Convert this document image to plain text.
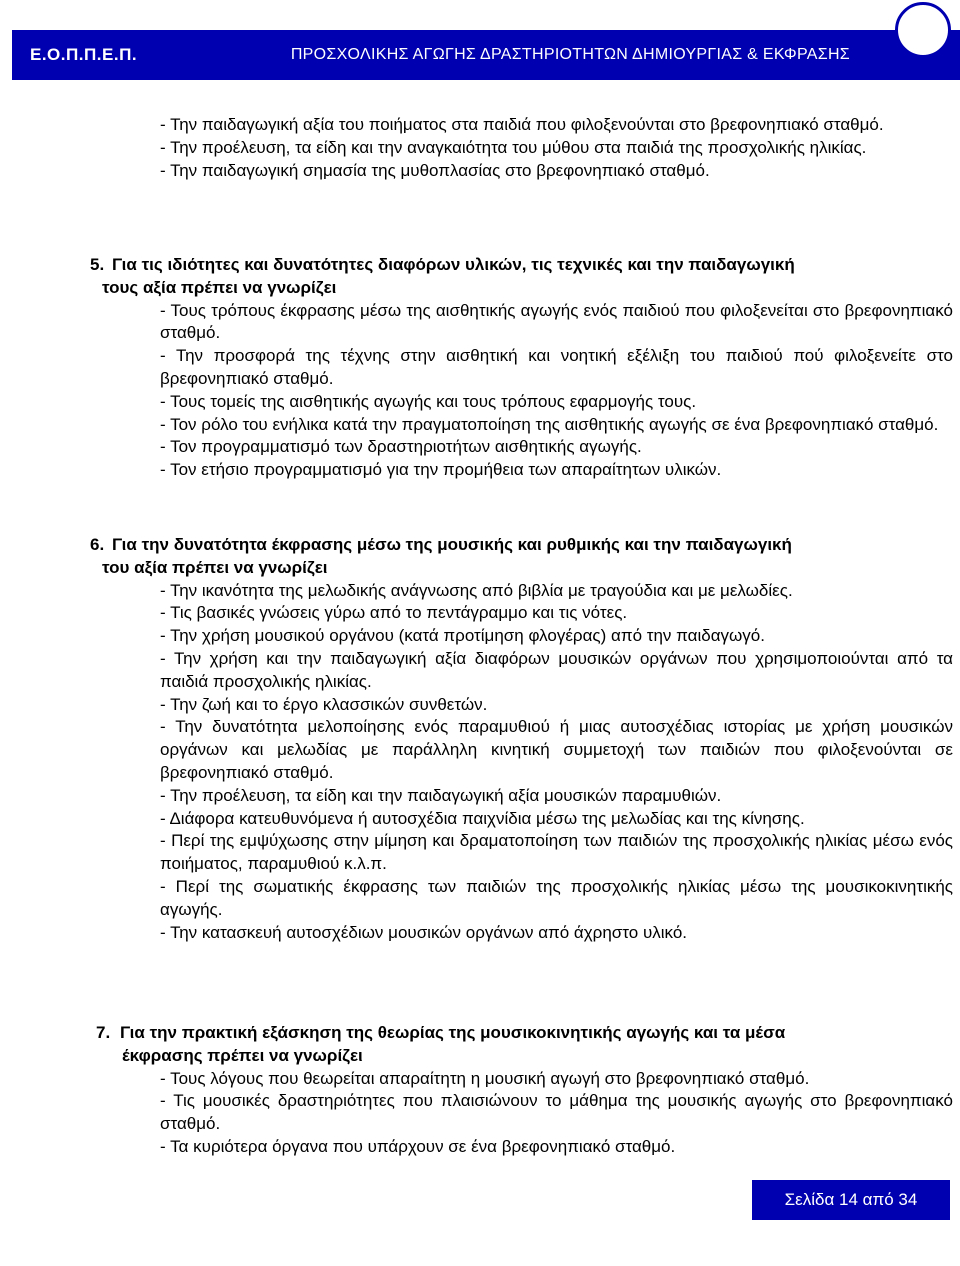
Ε.Ο.Π.Π.Ε.Π.	ΠΡΟΣΧΟΛΙΚΗΣ ΑΓΩΓΗΣ ΔΡΑΣΤΗΡΙΟΤΗΤΩΝ ΔΗΜΙΟΥΡΓΙΑΣ & ΕΚΦΡΑΣΗΣ
- Την παιδαγωγική αξία του ποιήματος στα παιδιά που φιλοξενούνται στο βρεφονηπιακό σταθμό.
- Την προέλευση, τα είδη και την αναγκαιότητα του μύθου στα παιδιά της προσχολικής ηλικίας.
- Την παιδαγωγική σημασία της μυθοπλασίας στο βρεφονηπιακό σταθμό.
5. Για τις ιδιότητες και δυνατότητες διαφόρων υλικών, τις τεχνικές και την παιδαγωγική
τους αξία πρέπει να γνωρίζει
- Τους τρόπους έκφρασης μέσω της αισθητικής αγωγής ενός παιδιού που φιλοξενείται στο βρεφονηπιακό σταθμό.
- Την προσφορά της τέχνης στην αισθητική και νοητική εξέλιξη του παιδιού πού φιλοξενείτε στο βρεφονηπιακό σταθμό.
- Τους τομείς της αισθητικής αγωγής και τους τρόπους εφαρμογής τους.
- Τον ρόλο του ενήλικα κατά την πραγματοποίηση της αισθητικής αγωγής σε ένα βρεφονηπιακό σταθμό.
- Τον προγραμματισμό των δραστηριοτήτων αισθητικής αγωγής.
- Τον ετήσιο προγραμματισμό για την προμήθεια των απαραίτητων υλικών.
6. Για την δυνατότητα έκφρασης μέσω της μουσικής και ρυθμικής και την παιδαγωγική
του αξία πρέπει να γνωρίζει
- Την ικανότητα της μελωδικής ανάγνωσης από βιβλία με τραγούδια και με μελωδίες.
- Τις βασικές γνώσεις γύρω από το πεντάγραμμο και τις νότες.
- Την χρήση μουσικού οργάνου (κατά προτίμηση φλογέρας) από την παιδαγωγό.
- Την χρήση και την παιδαγωγική αξία διαφόρων μουσικών οργάνων που χρησιμοποιούνται από τα παιδιά προσχολικής ηλικίας.
- Την ζωή και το έργο κλασσικών συνθετών.
- Την δυνατότητα μελοποίησης ενός παραμυθιού ή μιας αυτοσχέδιας ιστορίας με χρήση μουσικών οργάνων και μελωδίας με παράλληλη κινητική συμμετοχή των παιδιών που φιλοξενούνται σε βρεφονηπιακό σταθμό.
- Την προέλευση, τα είδη και την παιδαγωγική αξία μουσικών παραμυθιών.
- Διάφορα κατευθυνόμενα ή αυτοσχέδια παιχνίδια μέσω της μελωδίας και της κίνησης.
- Περί της εμψύχωσης στην μίμηση και δραματοποίηση των παιδιών της προσχολικής ηλικίας μέσω ενός ποιήματος, παραμυθιού κ.λ.π.
- Περί της σωματικής έκφρασης των παιδιών της προσχολικής ηλικίας μέσω της μουσικοκινητικής αγωγής.
- Την κατασκευή αυτοσχέδιων μουσικών οργάνων από άχρηστο υλικό.
7. Για την πρακτική εξάσκηση της θεωρίας της μουσικοκινητικής αγωγής και τα μέσα
έκφρασης πρέπει να γνωρίζει
- Τους λόγους που θεωρείται απαραίτητη η μουσική αγωγή στο βρεφονηπιακό σταθμό.
- Τις μουσικές δραστηριότητες που πλαισιώνουν το μάθημα της μουσικής αγωγής στο βρεφονηπιακό σταθμό.
- Τα κυριότερα όργανα που υπάρχουν σε ένα βρεφονηπιακό σταθμό.
Σελίδα 14 από 34
